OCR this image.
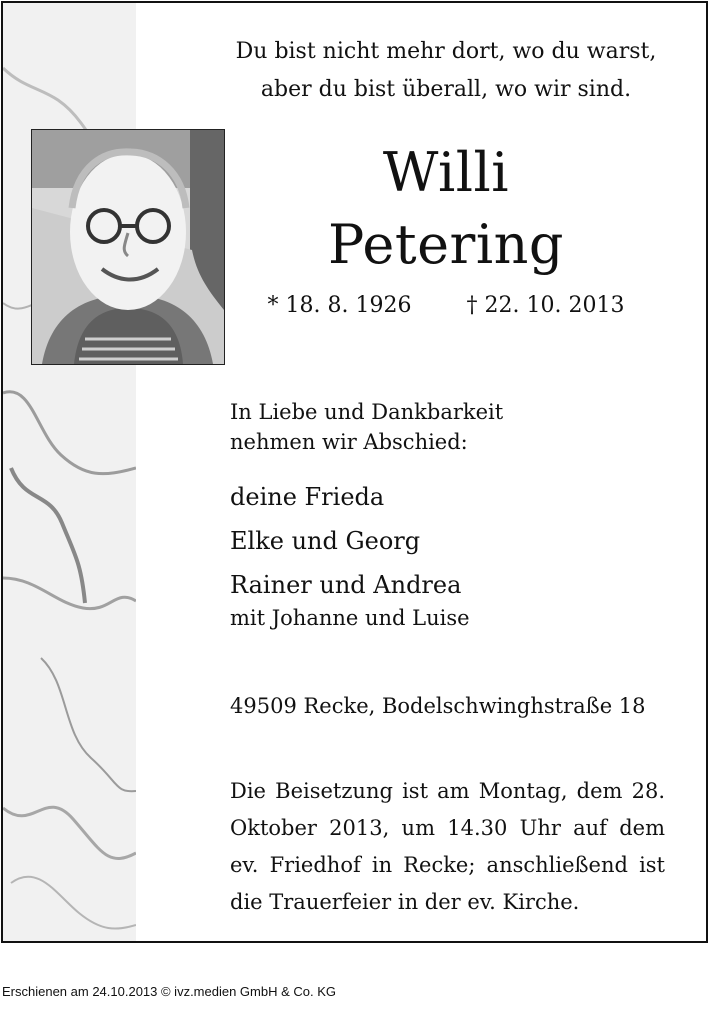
Du bist nicht mehr dort, wo du warst,
aber du bist überall, wo wir sind.
Willi
Petering
* 18. 8. 1926	† 22. 10. 2013
In Liebe und Dankbarkeit
nehmen wir Abschied:
deine Frieda
Elke und Georg
Rainer und Andrea
mit Johanne und Luise
49509 Recke, Bodelschwinghstraße 18
Die Beisetzung ist am Montag, dem 28. Oktober 2013, um 14.30 Uhr auf dem ev. Friedhof in Recke; anschließend ist die Trauerfeier in der ev. Kirche.
Erschienen am 24.10.2013 © ivz.medien GmbH & Co. KG
